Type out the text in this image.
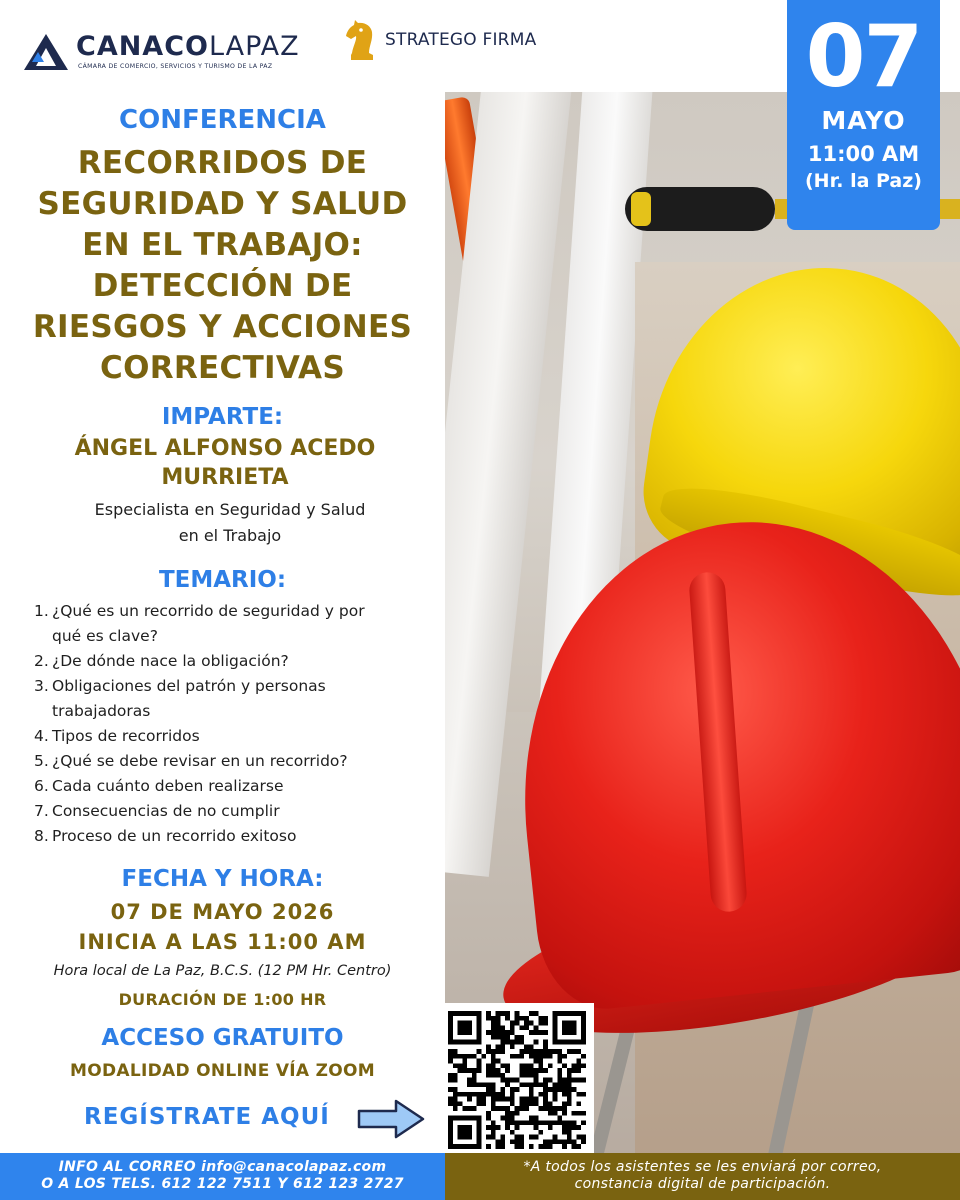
CANACOLAPAZ
CÁMARA DE COMERCIO, SERVICIOS Y TURISMO DE LA PAZ
STRATEGO FIRMA	07
MAYO
11:00 AM
(Hr. la Paz)
CONFERENCIA
RECORRIDOS DE
SEGURIDAD Y SALUD
EN EL TRABAJO:
DETECCIÓN DE
RIESGOS Y ACCIONES
CORRECTIVAS
IMPARTE:
ÁNGEL ALFONSO ACEDO
MURRIETA
Especialista en Seguridad y Salud
en el Trabajo
TEMARIO:
1. ¿Qué es un recorrido de seguridad y por
qué es clave?
2. ¿De dónde nace la obligación?
3. Obligaciones del patrón y personas
trabajadoras
4. Tipos de recorridos
5. ¿Qué se debe revisar en un recorrido?
6. Cada cuánto deben realizarse
7. Consecuencias de no cumplir
8. Proceso de un recorrido exitoso
FECHA Y HORA:
07 DE MAYO 2026
INICIA A LAS 11:00 AM
Hora local de La Paz, B.C.S. (12 PM Hr. Centro)
DURACIÓN DE 1:00 HR
ACCESO GRATUITO
MODALIDAD ONLINE VÍA ZOOM
REGÍSTRATE AQUÍ
INFO AL CORREO info@canacolapaz.com
O A LOS TELS. 612 122 7511 Y 612 123 2727
*A todos los asistentes se les enviará por correo,
constancia digital de participación.
